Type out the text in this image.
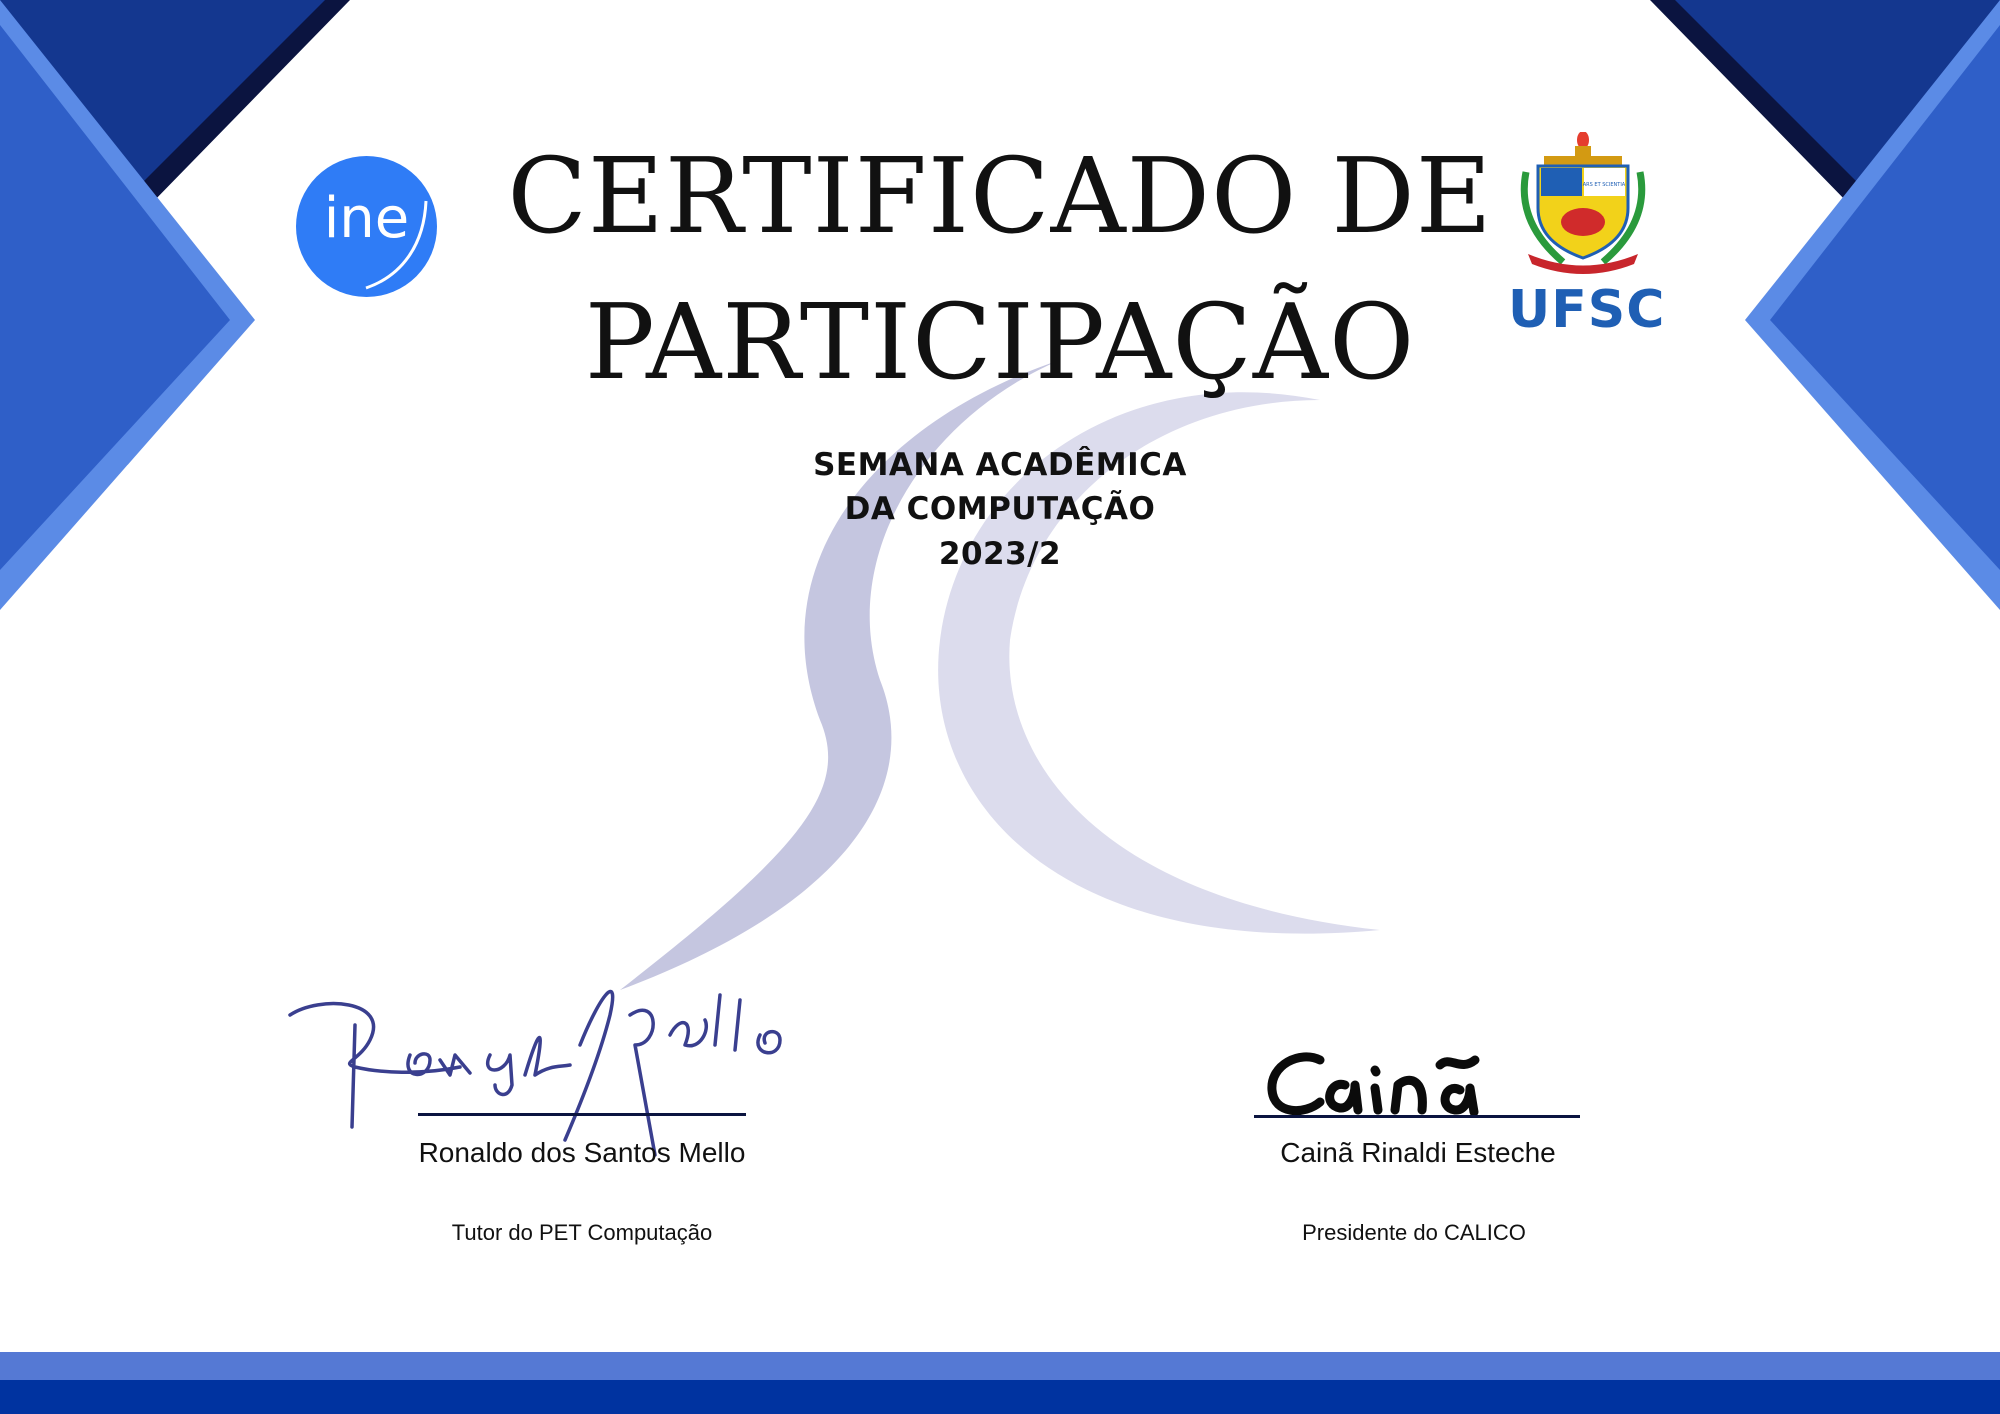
ine
ARS ET SCIENTIA
UFSC
CERTIFICADO DE
PARTICIPAÇÃO
SEMANA ACADÊMICA
DA COMPUTAÇÃO
2023/2
Ronaldo dos Santos Mello
Tutor do PET Computação
Cainã Rinaldi Esteche
Presidente do CALICO
